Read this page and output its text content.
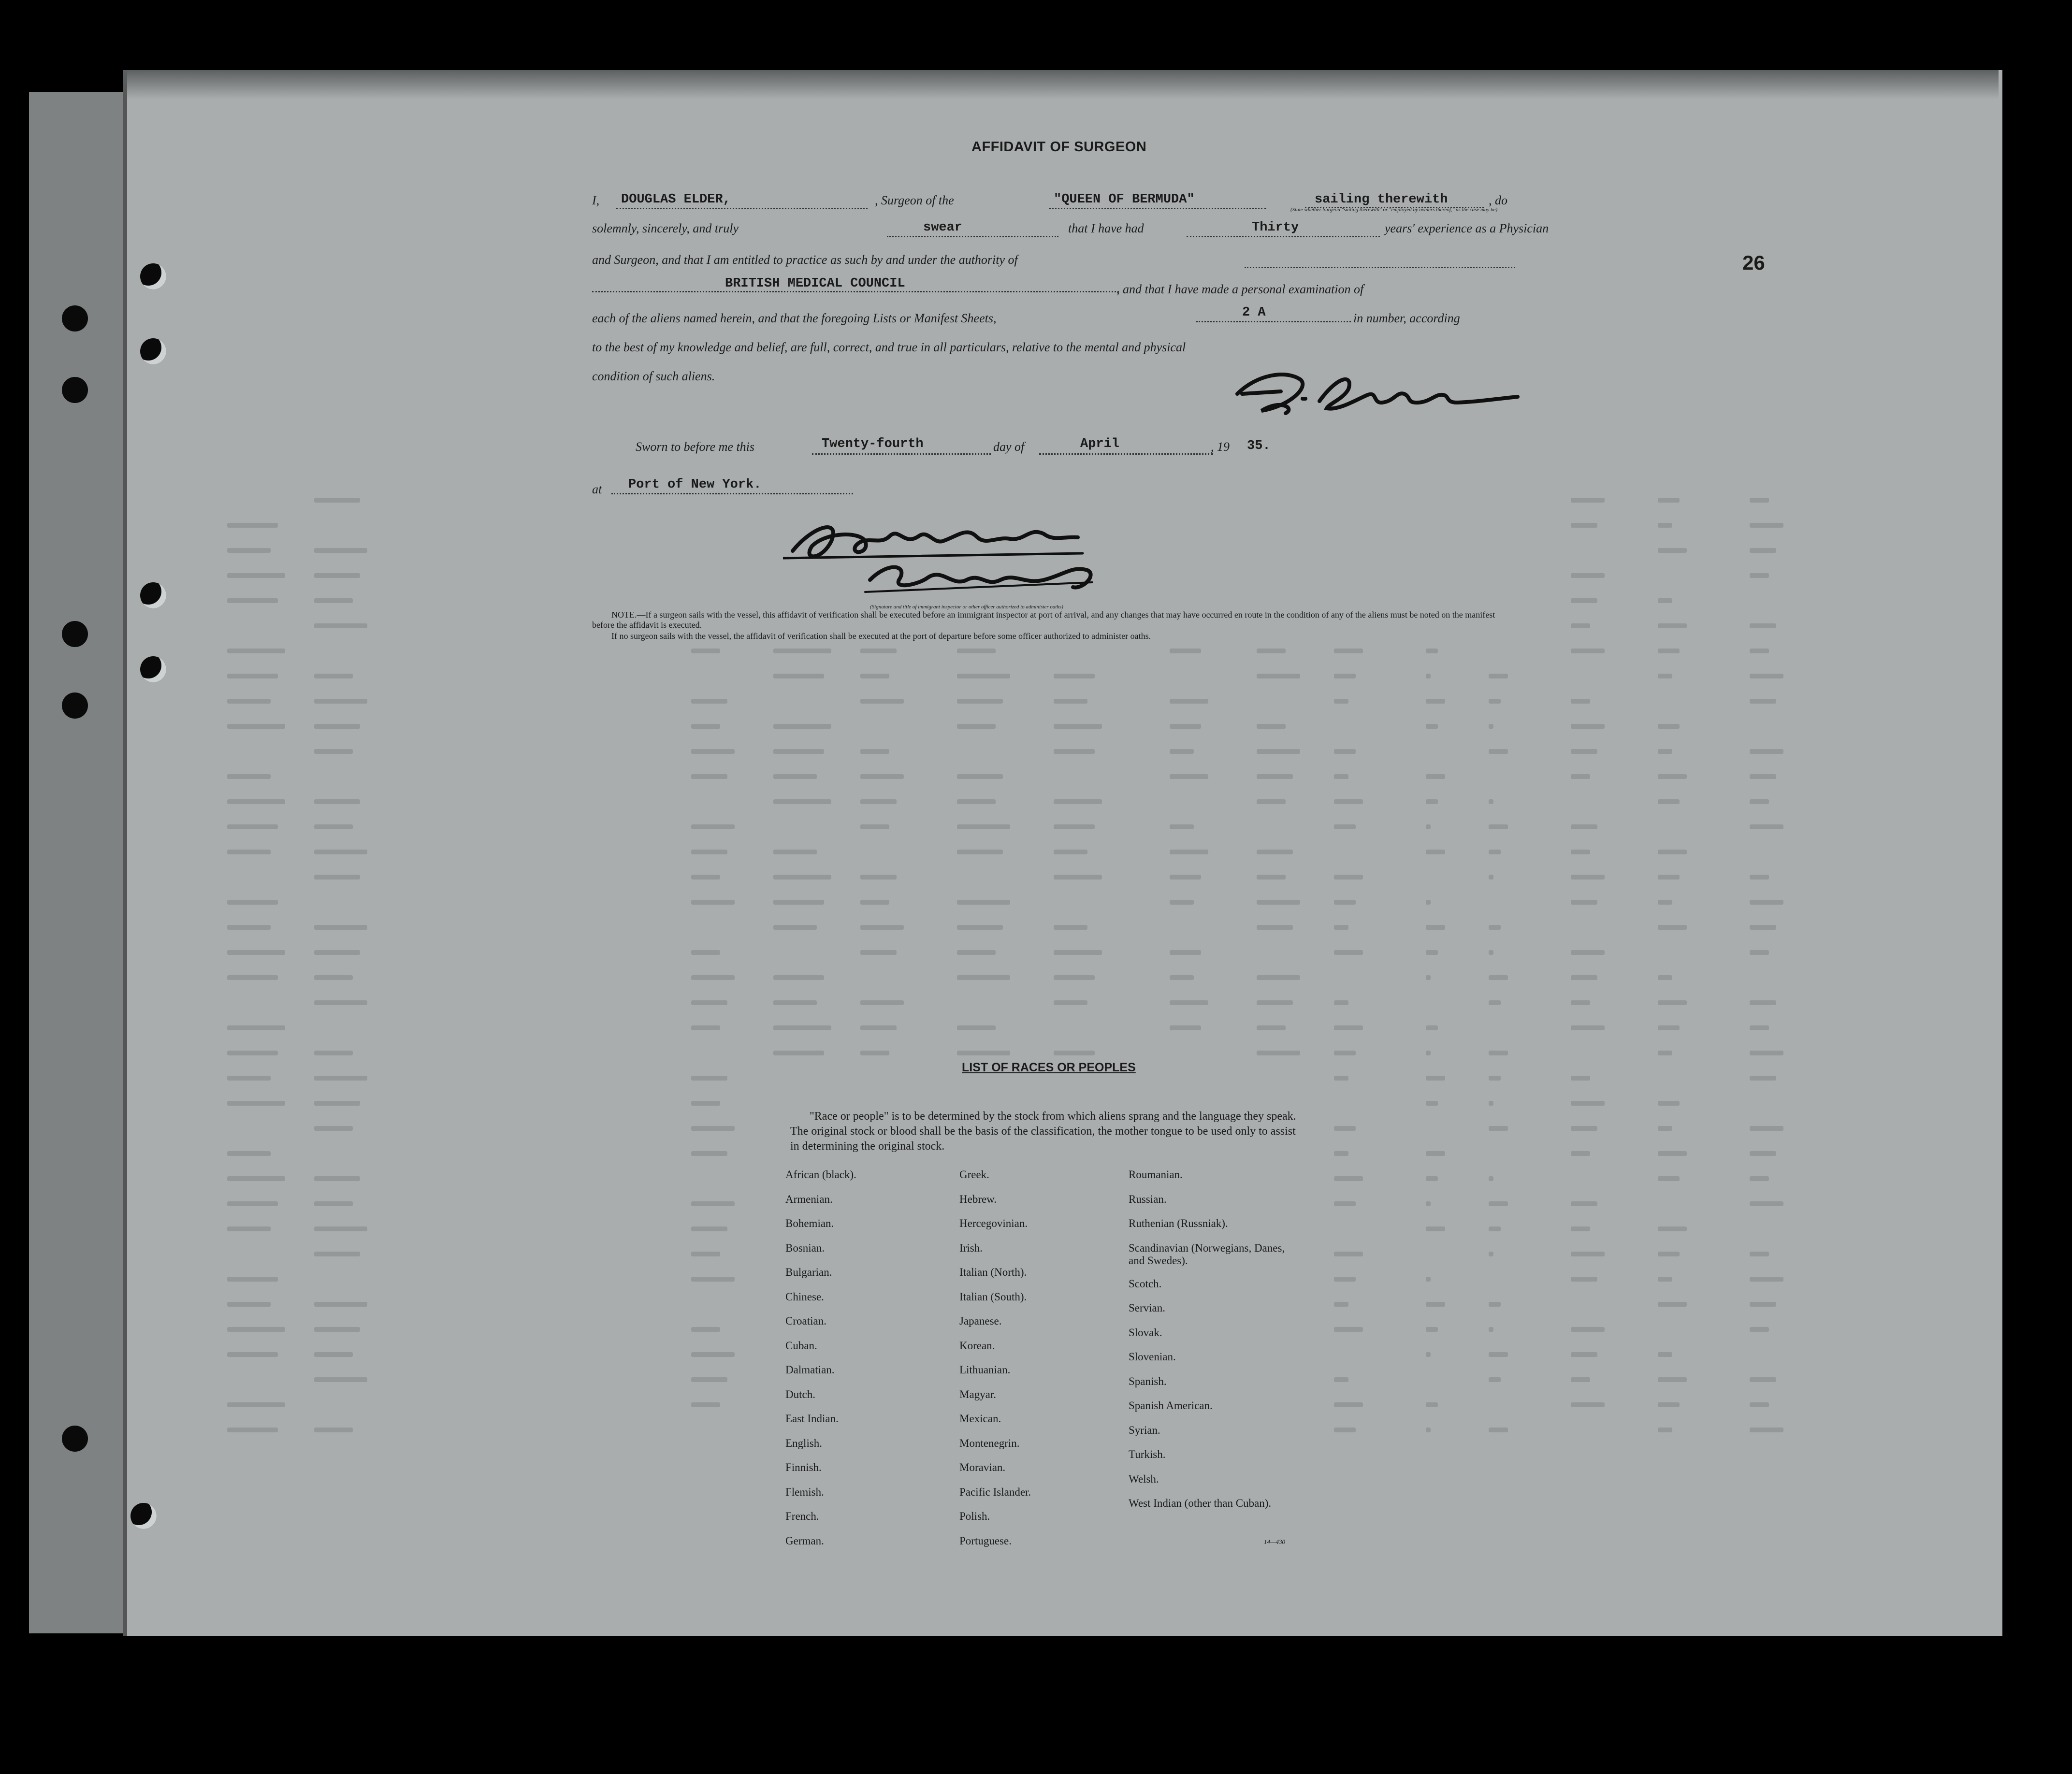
AFFIDAVIT OF SURGEON
I, DOUGLAS ELDER,	, Surgeon of the	"QUEEN OF BERMUDA"	sailing therewith	, do
(State whether Surgeon "sailing therewith" or "employed by owners thereof," as the case may be)
solemnly, sincerely, and truly	swear	that I have had	Thirty	years' experience as a Physician
and Surgeon, and that I am entitled to practice as such by and under the authority of
BRITISH MEDICAL COUNCIL	, and that I have made a personal examination of
each of the aliens named herein, and that the foregoing Lists or Manifest Sheets,	2 A	in number, according
to the best of my knowledge and belief, are full, correct, and true in all particulars, relative to the mental and physical
condition of such aliens.
Sworn to before me this	Twenty-fourth	day of	April	, 19 35.
at Port of New York.
(Signature and title of immigrant inspector or other officer authorized to administer oaths)
NOTE.—If a surgeon sails with the vessel, this affidavit of verification shall be executed before an immigrant inspector at port of arrival, and any changes that may have occurred en route in the condition of any of the aliens must be noted on the manifest before the affidavit is executed.
If no surgeon sails with the vessel, the affidavit of verification shall be executed at the port of departure before some officer authorized to administer oaths.
26
LIST OF RACES OR PEOPLES
"Race or people" is to be determined by the stock from which aliens sprang and the language they speak. The original stock or blood shall be the basis of the classification, the mother tongue to be used only to assist in determining the original stock.
African (black).
Armenian.
Bohemian.
Bosnian.
Bulgarian.
Chinese.
Croatian.
Cuban.
Dalmatian.
Dutch.
East Indian.
English.
Finnish.
Flemish.
French.
German.
Greek.
Hebrew.
Hercegovinian.
Irish.
Italian (North).
Italian (South).
Japanese.
Korean.
Lithuanian.
Magyar.
Mexican.
Montenegrin.
Moravian.
Pacific Islander.
Polish.
Portuguese.
Roumanian.
Russian.
Ruthenian (Russniak).
Scandinavian (Norwegians, Danes, and Swedes).
Scotch.
Servian.
Slovak.
Slovenian.
Spanish.
Spanish American.
Syrian.
Turkish.
Welsh.
West Indian (other than Cuban).
14—430
